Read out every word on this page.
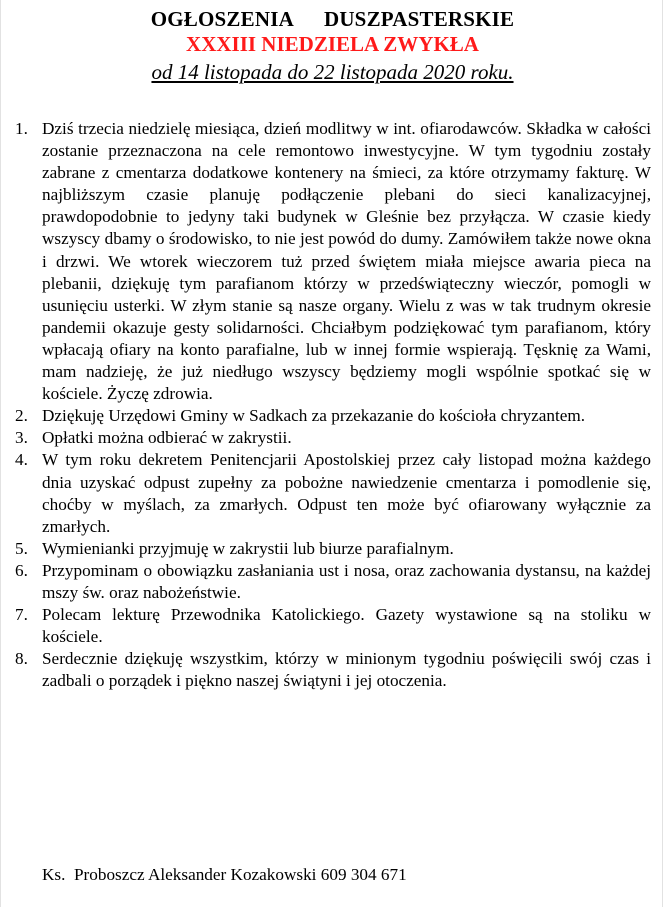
OGŁOSZENIA DUSZPASTERSKIE
XXXIII NIEDZIELA ZWYKŁA
od 14 listopada do 22 listopada 2020 roku.
1. Dziś trzecia niedzielę miesiąca, dzień modlitwy w int. ofiarodawców. Składka w całości zostanie przeznaczona na cele remontowo inwestycyjne. W tym tygodniu zostały zabrane z cmentarza dodatkowe kontenery na śmieci, za które otrzymamy fakturę. W najbliższym czasie planuję podłączenie plebani do sieci kanalizacyjnej, prawdopodobnie to jedyny taki budynek w Gleśnie bez przyłącza. W czasie kiedy wszyscy dbamy o środowisko, to nie jest powód do dumy. Zamówiłem także nowe okna i drzwi. We wtorek wieczorem tuż przed świętem miała miejsce awaria pieca na plebanii, dziękuję tym parafianom którzy w przedświąteczny wieczór, pomogli w usunięciu usterki. W złym stanie są nasze organy. Wielu z was w tak trudnym okresie pandemii okazuje gesty solidarności. Chciałbym podziękować tym parafianom, który wpłacają ofiary na konto parafialne, lub w innej formie wspierają. Tęsknię za Wami, mam nadzieję, że już niedługo wszyscy będziemy mogli wspólnie spotkać się w kościele. Życzę zdrowia.
2. Dziękuję Urzędowi Gminy w Sadkach za przekazanie do kościoła chryzantem.
3. Opłatki można odbierać w zakrystii.
4. W tym roku dekretem Penitencjarii Apostolskiej przez cały listopad można każdego dnia uzyskać odpust zupełny za pobożne nawiedzenie cmentarza i pomodlenie się, choćby w myślach, za zmarłych. Odpust ten może być ofiarowany wyłącznie za zmarłych.
5. Wymienianki przyjmuję w zakrystii lub biurze parafialnym.
6. Przypominam o obowiązku zasłaniania ust i nosa, oraz zachowania dystansu, na każdej mszy św. oraz nabożeństwie.
7. Polecam lekturę Przewodnika Katolickiego. Gazety wystawione są na stoliku w kościele.
8. Serdecznie dziękuję wszystkim, którzy w minionym tygodniu poświęcili swój czas i zadbali o porządek i piękno naszej świątyni i jej otoczenia.
Ks.  Proboszcz Aleksander Kozakowski 609 304 671
